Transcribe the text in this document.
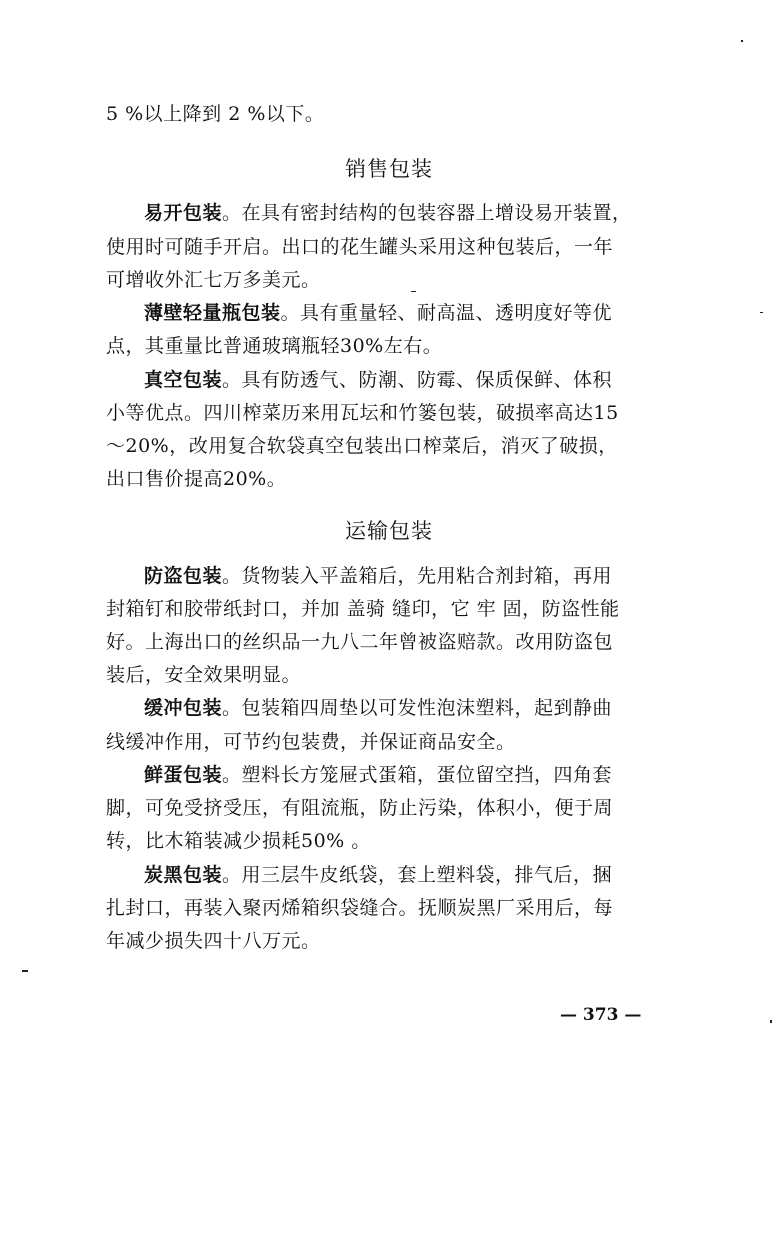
5 %以上降到 2 %以下。
销售包装
易开包装。在具有密封结构的包装容器上增设易开装置，
使用时可随手开启。出口的花生罐头采用这种包装后，一年
可增收外汇七万多美元。
薄壁轻量瓶包装。具有重量轻、耐高温、透明度好等优
点，其重量比普通玻璃瓶轻30%左右。
真空包装。具有防透气、防潮、防霉、保质保鲜、体积
小等优点。四川榨菜历来用瓦坛和竹篓包装，破损率高达15
～20%，改用复合软袋真空包装出口榨菜后，消灭了破损，
出口售价提高20%。
运输包装
防盗包装。货物装入平盖箱后，先用粘合剂封箱，再用
封箱钉和胶带纸封口，并加 盖骑 缝印，它 牢 固，防盗性能
好。上海出口的丝织品一九八二年曾被盗赔款。改用防盗包
装后，安全效果明显。
缓冲包装。包装箱四周垫以可发性泡沫塑料，起到静曲
线缓冲作用，可节约包装费，并保证商品安全。
鲜蛋包装。塑料长方笼屉式蛋箱，蛋位留空挡，四角套
脚，可免受挤受压，有阻流瓶，防止污染，体积小，便于周
转，比木箱装减少损耗50% 。
炭黑包装。用三层牛皮纸袋，套上塑料袋，排气后，捆
扎封口，再装入聚丙烯箱织袋缝合。抚顺炭黑厂采用后，每
年减少损失四十八万元。
— 373 —
